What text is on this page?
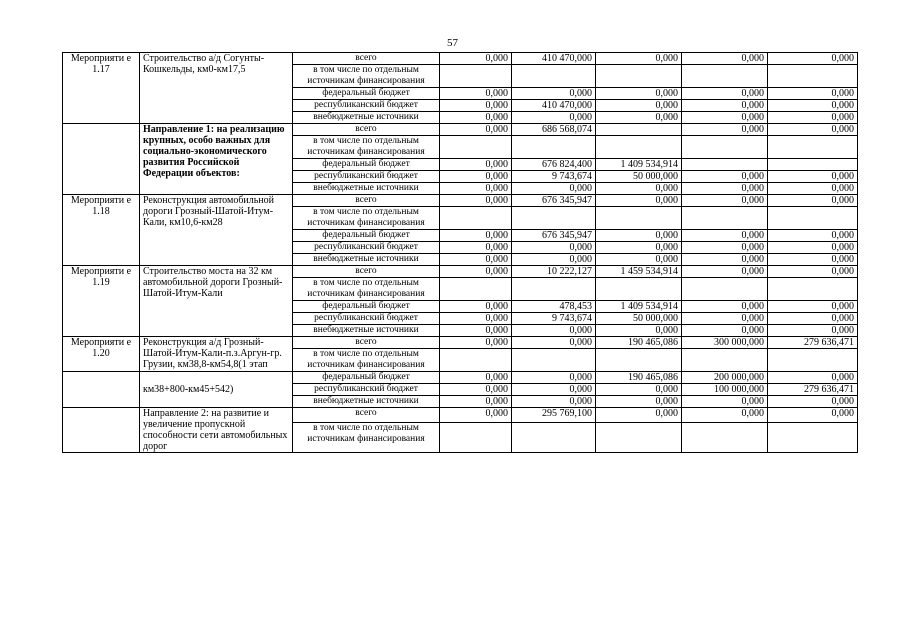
57
Мероприяти е 1.17	Строительство а/д Согунты-Кошкельды, км0-км17,5	всего	0,000	410 470,000	0,000	0,000	0,000
		в том числе по отдельным источникам финансирования					
		федеральный бюджет	0,000	0,000	0,000	0,000	0,000
		республиканский бюджет	0,000	410 470,000	0,000	0,000	0,000
		внебюджетные источники	0,000	0,000	0,000	0,000	0,000
	Направление 1: на реализацию крупных, особо важных для социально-экономического развития Российской Федерации объектов:	всего	0,000	686 568,074		0,000	0,000
		в том числе по отдельным источникам финансирования					
		федеральный бюджет	0,000	676 824,400	1 409 534,914		
		республиканский бюджет	0,000	9 743,674	50 000,000	0,000	0,000
		внебюджетные источники	0,000	0,000	0,000	0,000	0,000
Мероприяти е 1.18	Реконструкция автомобильной дороги Грозный-Шатой-Итум-Кали, км10,6-км28	всего	0,000	676 345,947	0,000	0,000	0,000
		в том числе по отдельным источникам финансирования					
		федеральный бюджет	0,000	676 345,947	0,000	0,000	0,000
		республиканский бюджет	0,000	0,000	0,000	0,000	0,000
		внебюджетные источники	0,000	0,000	0,000	0,000	0,000
Мероприяти е 1.19	Строительство моста на 32 км автомобильной дороги Грозный-Шатой-Итум-Кали	всего	0,000	10 222,127	1 459 534,914	0,000	0,000
		в том числе по отдельным источникам финансирования					
		федеральный бюджет	0,000	478,453	1 409 534,914	0,000	0,000
		республиканский бюджет	0,000	9 743,674	50 000,000	0,000	0,000
		внебюджетные источники	0,000	0,000	0,000	0,000	0,000
Мероприяти е 1.20	Реконструкция а/д Грозный-Шатой-Итум-Кали-п.з.Аргун-гр. Грузии, км38,8-км54,8(1 этап	всего	0,000	0,000	190 465,086	300 000,000	279 636,471
		в том числе по отдельным источникам финансирования					
	км38+800-км45+542)	федеральный бюджет	0,000	0,000	190 465,086	200 000,000	0,000
		республиканский бюджет	0,000	0,000	0,000	100 000,000	279 636,471
		внебюджетные источники	0,000	0,000	0,000	0,000	0,000
	Направление 2: на развитие и увеличение пропускной способности сети автомобильных дорог	всего	0,000	295 769,100	0,000	0,000	0,000
		в том числе по отдельным источникам финансирования					
